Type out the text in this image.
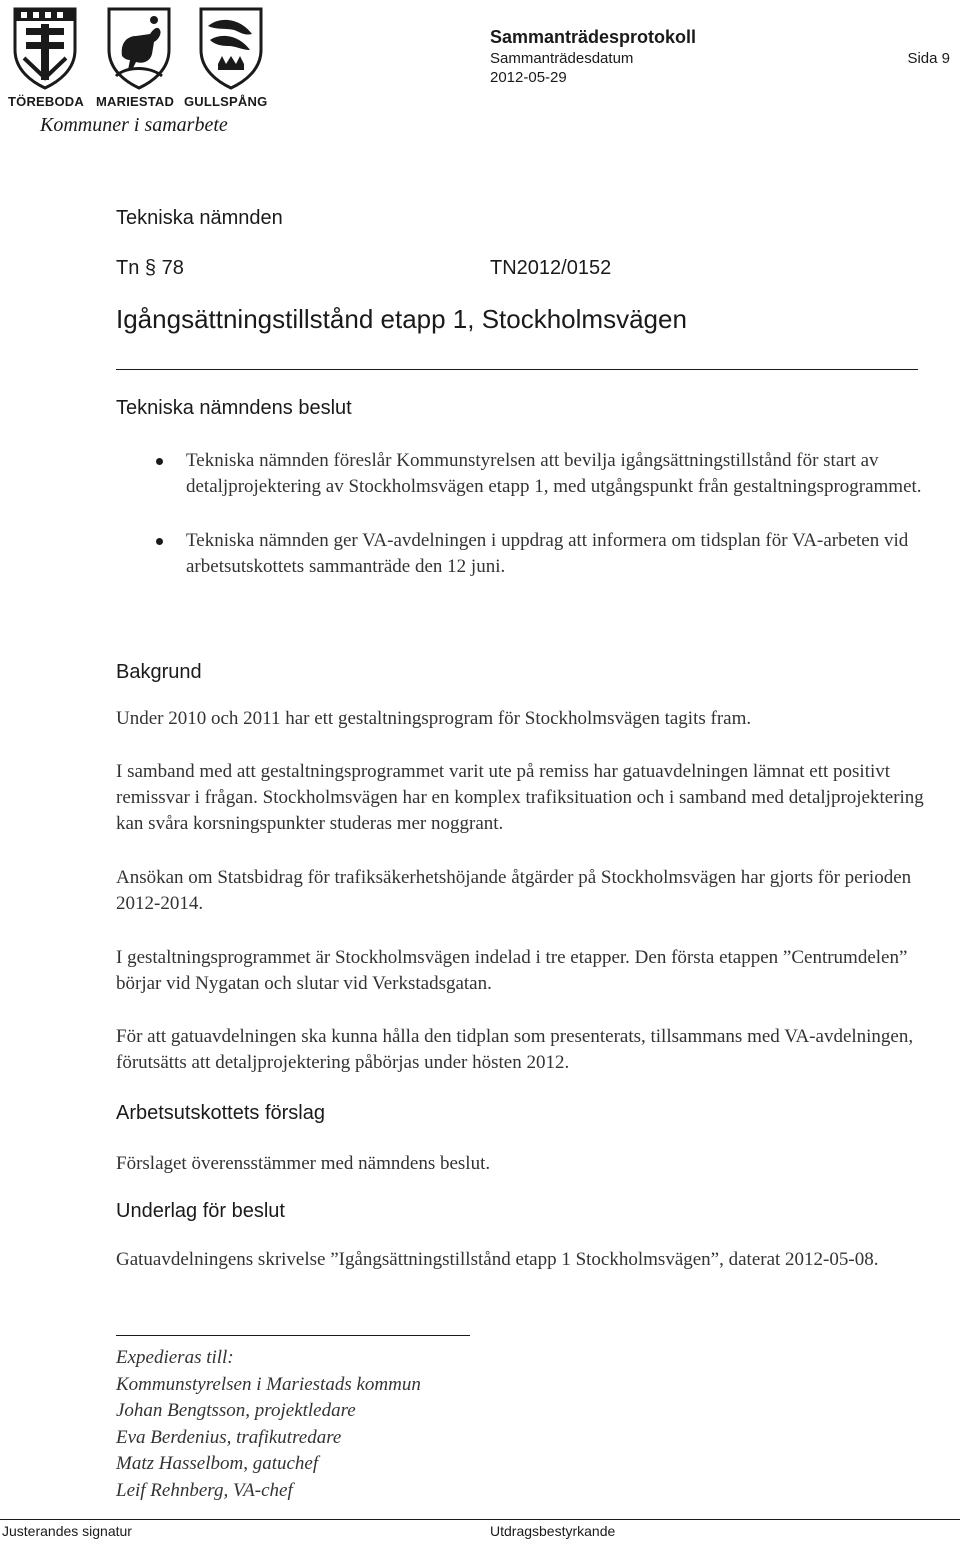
TÖREBODA MARIESTAD GULLSPÅNG
Kommuner i samarbete
Sammanträdesprotokoll
Sammanträdesdatum
2012-05-29
Sida 9
Tekniska nämnden
Tn § 78	TN2012/0152
Igångsättningstillstånd etapp 1, Stockholmsvägen
Tekniska nämndens beslut
Tekniska nämnden föreslår Kommunstyrelsen att bevilja igångsättningstillstånd för start av detaljprojektering av Stockholmsvägen etapp 1, med utgångspunkt från gestaltningsprogrammet.
Tekniska nämnden ger VA-avdelningen i uppdrag att informera om tidsplan för VA-arbeten vid arbetsutskottets sammanträde den 12 juni.
Bakgrund

Under 2010 och 2011 har ett gestaltningsprogram för Stockholmsvägen tagits fram.

I samband med att gestaltningsprogrammet varit ute på remiss har gatuavdelningen lämnat ett positivt remissvar i frågan. Stockholmsvägen har en komplex trafiksituation och i samband med detaljprojektering kan svåra korsningspunkter studeras mer noggrant.

Ansökan om Statsbidrag för trafiksäkerhetshöjande åtgärder på Stockholmsvägen har gjorts för perioden 2012-2014.

I gestaltningsprogrammet är Stockholmsvägen indelad i tre etapper. Den första etappen ”Centrumdelen” börjar vid Nygatan och slutar vid Verkstadsgatan.

För att gatuavdelningen ska kunna hålla den tidplan som presenterats, tillsammans med VA-avdelningen, förutsätts att detaljprojektering påbörjas under hösten 2012.

Arbetsutskottets förslag

Förslaget överensstämmer med nämndens beslut.

Underlag för beslut

Gatuavdelningens skrivelse ”Igångsättningstillstånd etapp 1 Stockholmsvägen”, daterat 2012-05-08.

Expedieras till:
Kommunstyrelsen i Mariestads kommun
Johan Bengtsson, projektledare
Eva Berdenius, trafikutredare
Matz Hasselbom, gatuchef
Leif Rehnberg, VA-chef
Justerandes signatur	Utdragsbestyrkande
